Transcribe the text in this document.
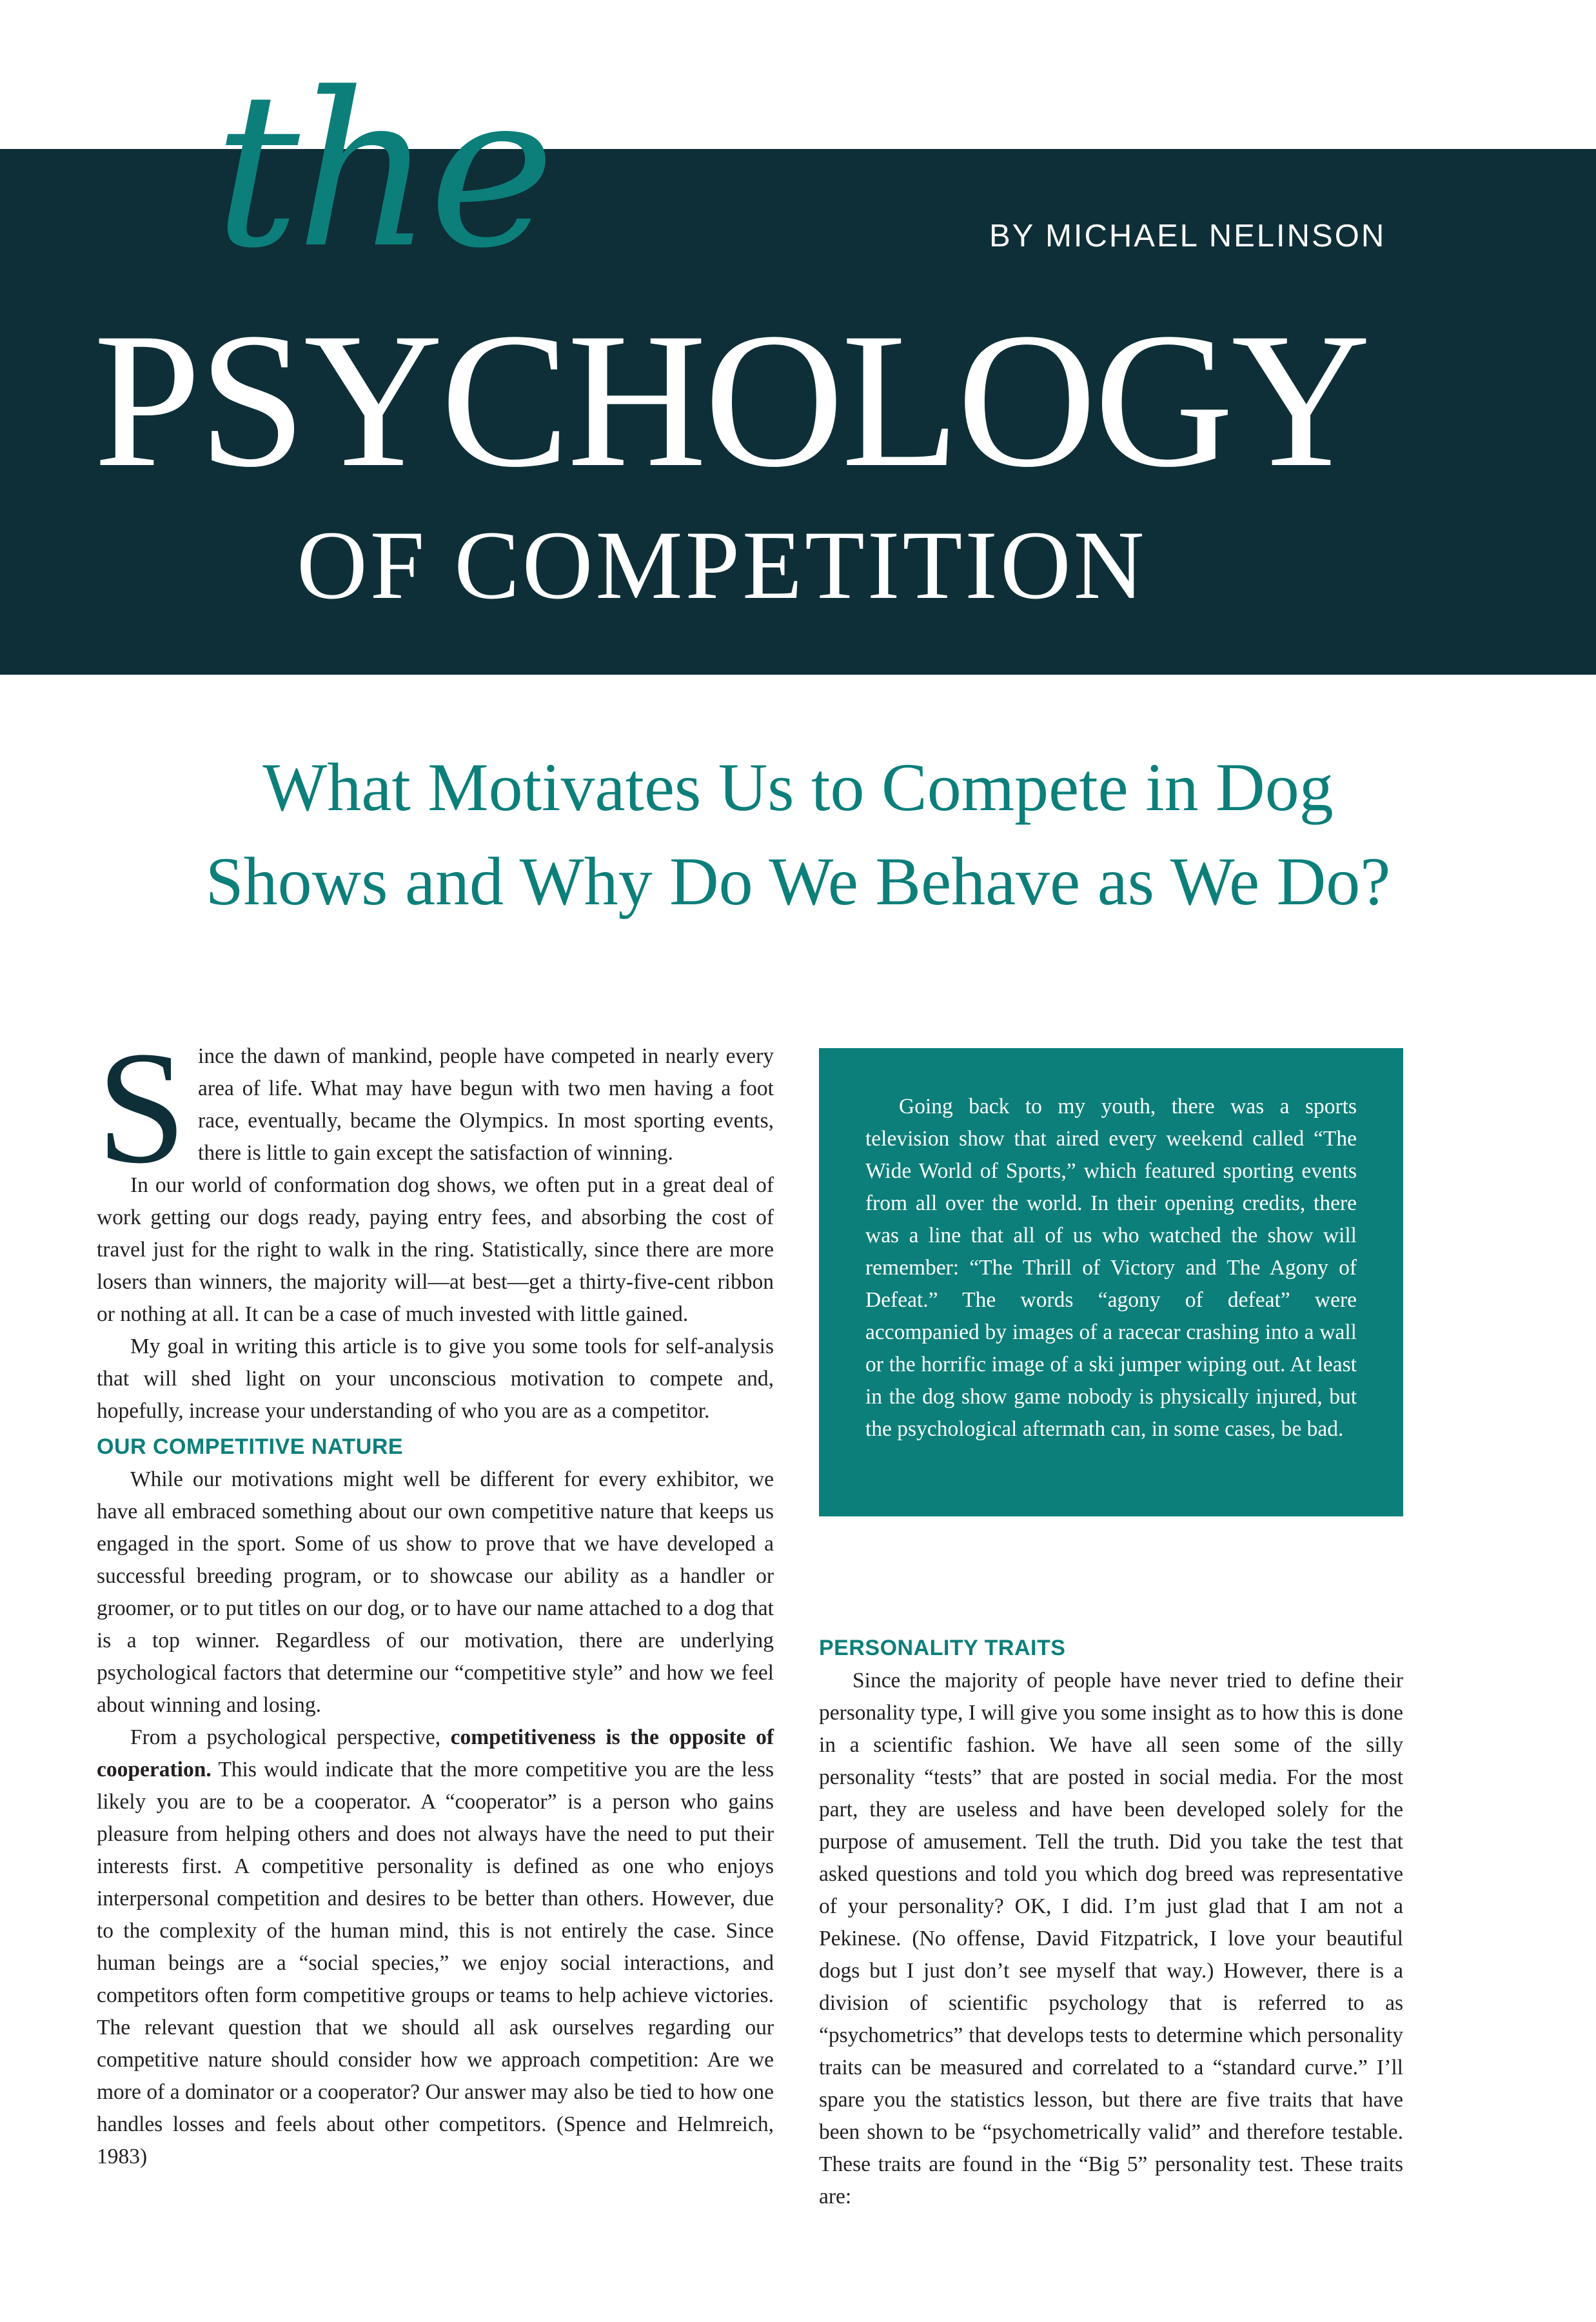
the	BY MICHAEL NELINSON
PSYCHOLOGY
OF COMPETITION
What Motivates Us to Compete in Dog
Shows and Why Do We Behave as We Do?

Since the dawn of mankind, people have competed in nearly every area of life. What may have begun with two men having a foot race, eventually, became the Olympics. In most sporting events, there is little to gain except the satisfaction of winning.

In our world of conformation dog shows, we often put in a great deal of work getting our dogs ready, paying entry fees, and absorbing the cost of travel just for the right to walk in the ring. Statistically, since there are more losers than winners, the majority will—at best—get a thirty-five-cent ribbon or nothing at all. It can be a case of much invested with little gained.

My goal in writing this article is to give you some tools for self-analysis that will shed light on your unconscious motivation to compete and, hopefully, increase your understanding of who you are as a competitor.

OUR COMPETITIVE NATURE

While our motivations might well be different for every exhibitor, we have all embraced something about our own competitive nature that keeps us engaged in the sport. Some of us show to prove that we have developed a successful breeding program, or to showcase our ability as a handler or groomer, or to put titles on our dog, or to have our name attached to a dog that is a top winner. Regardless of our motivation, there are underlying psychological factors that determine our “competitive style” and how we feel about winning and losing.

From a psychological perspective, competitiveness is the opposite of cooperation. This would indicate that the more competitive you are the less likely you are to be a cooperator. A “cooperator” is a person who gains pleasure from helping others and does not always have the need to put their interests first. A competitive personality is defined as one who enjoys interpersonal competition and desires to be better than others. However, due to the complexity of the human mind, this is not entirely the case. Since human beings are a “social species,” we enjoy social interactions, and competitors often form competitive groups or teams to help achieve victories. The relevant question that we should all ask ourselves regarding our competitive nature should consider how we approach competition: Are we more of a dominator or a cooperator? Our answer may also be tied to how one handles losses and feels about other competitors. (Spence and Helmreich, 1983)

Going back to my youth, there was a sports television show that aired every weekend called “The Wide World of Sports,” which featured sporting events from all over the world. In their opening credits, there was a line that all of us who watched the show will remember: “The Thrill of Victory and The Agony of Defeat.” The words “agony of defeat” were accompanied by images of a racecar crashing into a wall or the horrific image of a ski jumper wiping out. At least in the dog show game nobody is physically injured, but the psychological aftermath can, in some cases, be bad.

PERSONALITY TRAITS

Since the majority of people have never tried to define their personality type, I will give you some insight as to how this is done in a scientific fashion. We have all seen some of the silly personality “tests” that are posted in social media. For the most part, they are useless and have been developed solely for the purpose of amusement. Tell the truth. Did you take the test that asked questions and told you which dog breed was representative of your personality? OK, I did. I’m just glad that I am not a Pekinese. (No offense, David Fitzpatrick, I love your beautiful dogs but I just don’t see myself that way.) However, there is a division of scientific psychology that is referred to as “psychometrics” that develops tests to determine which personality traits can be measured and correlated to a “standard curve.” I’ll spare you the statistics lesson, but there are five traits that have been shown to be “psychometrically valid” and therefore testable. These traits are found in the “Big 5” personality test. These traits are:
